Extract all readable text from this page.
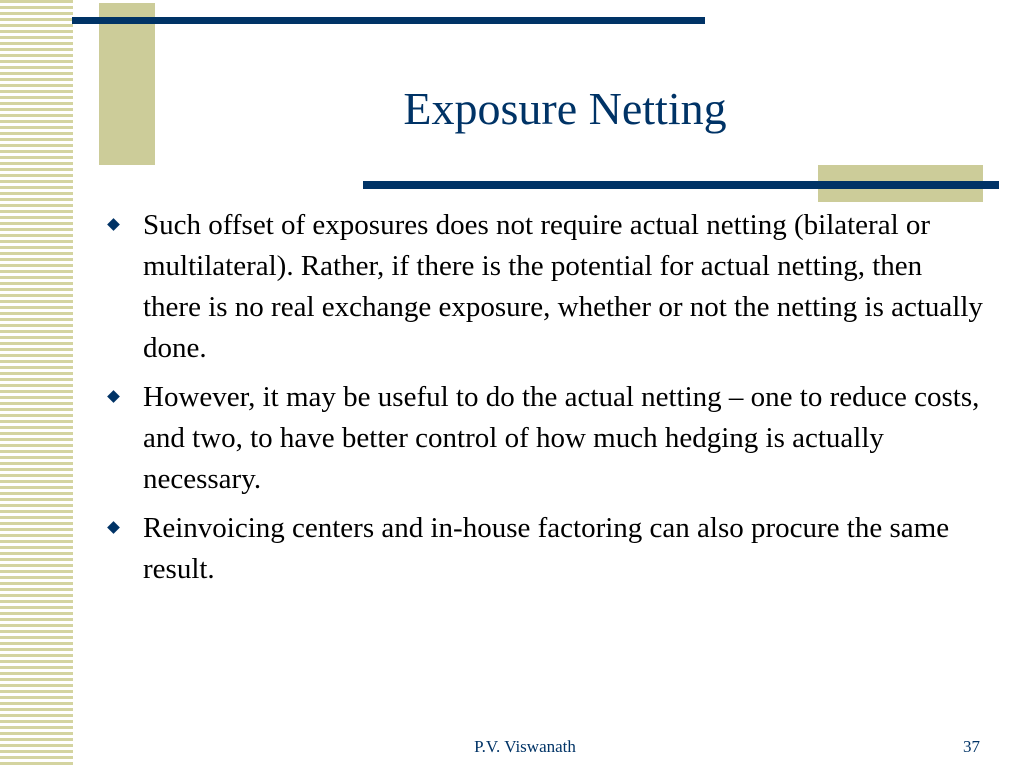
Exposure Netting
Such offset of exposures does not require actual netting (bilateral or multilateral). Rather, if there is the potential for actual netting, then there is no real exchange exposure, whether or not the netting is actually done.
However, it may be useful to do the actual netting – one to reduce costs, and two, to have better control of how much hedging is actually necessary.
Reinvoicing centers and in-house factoring can also procure the same result.
P.V. Viswanath	37
